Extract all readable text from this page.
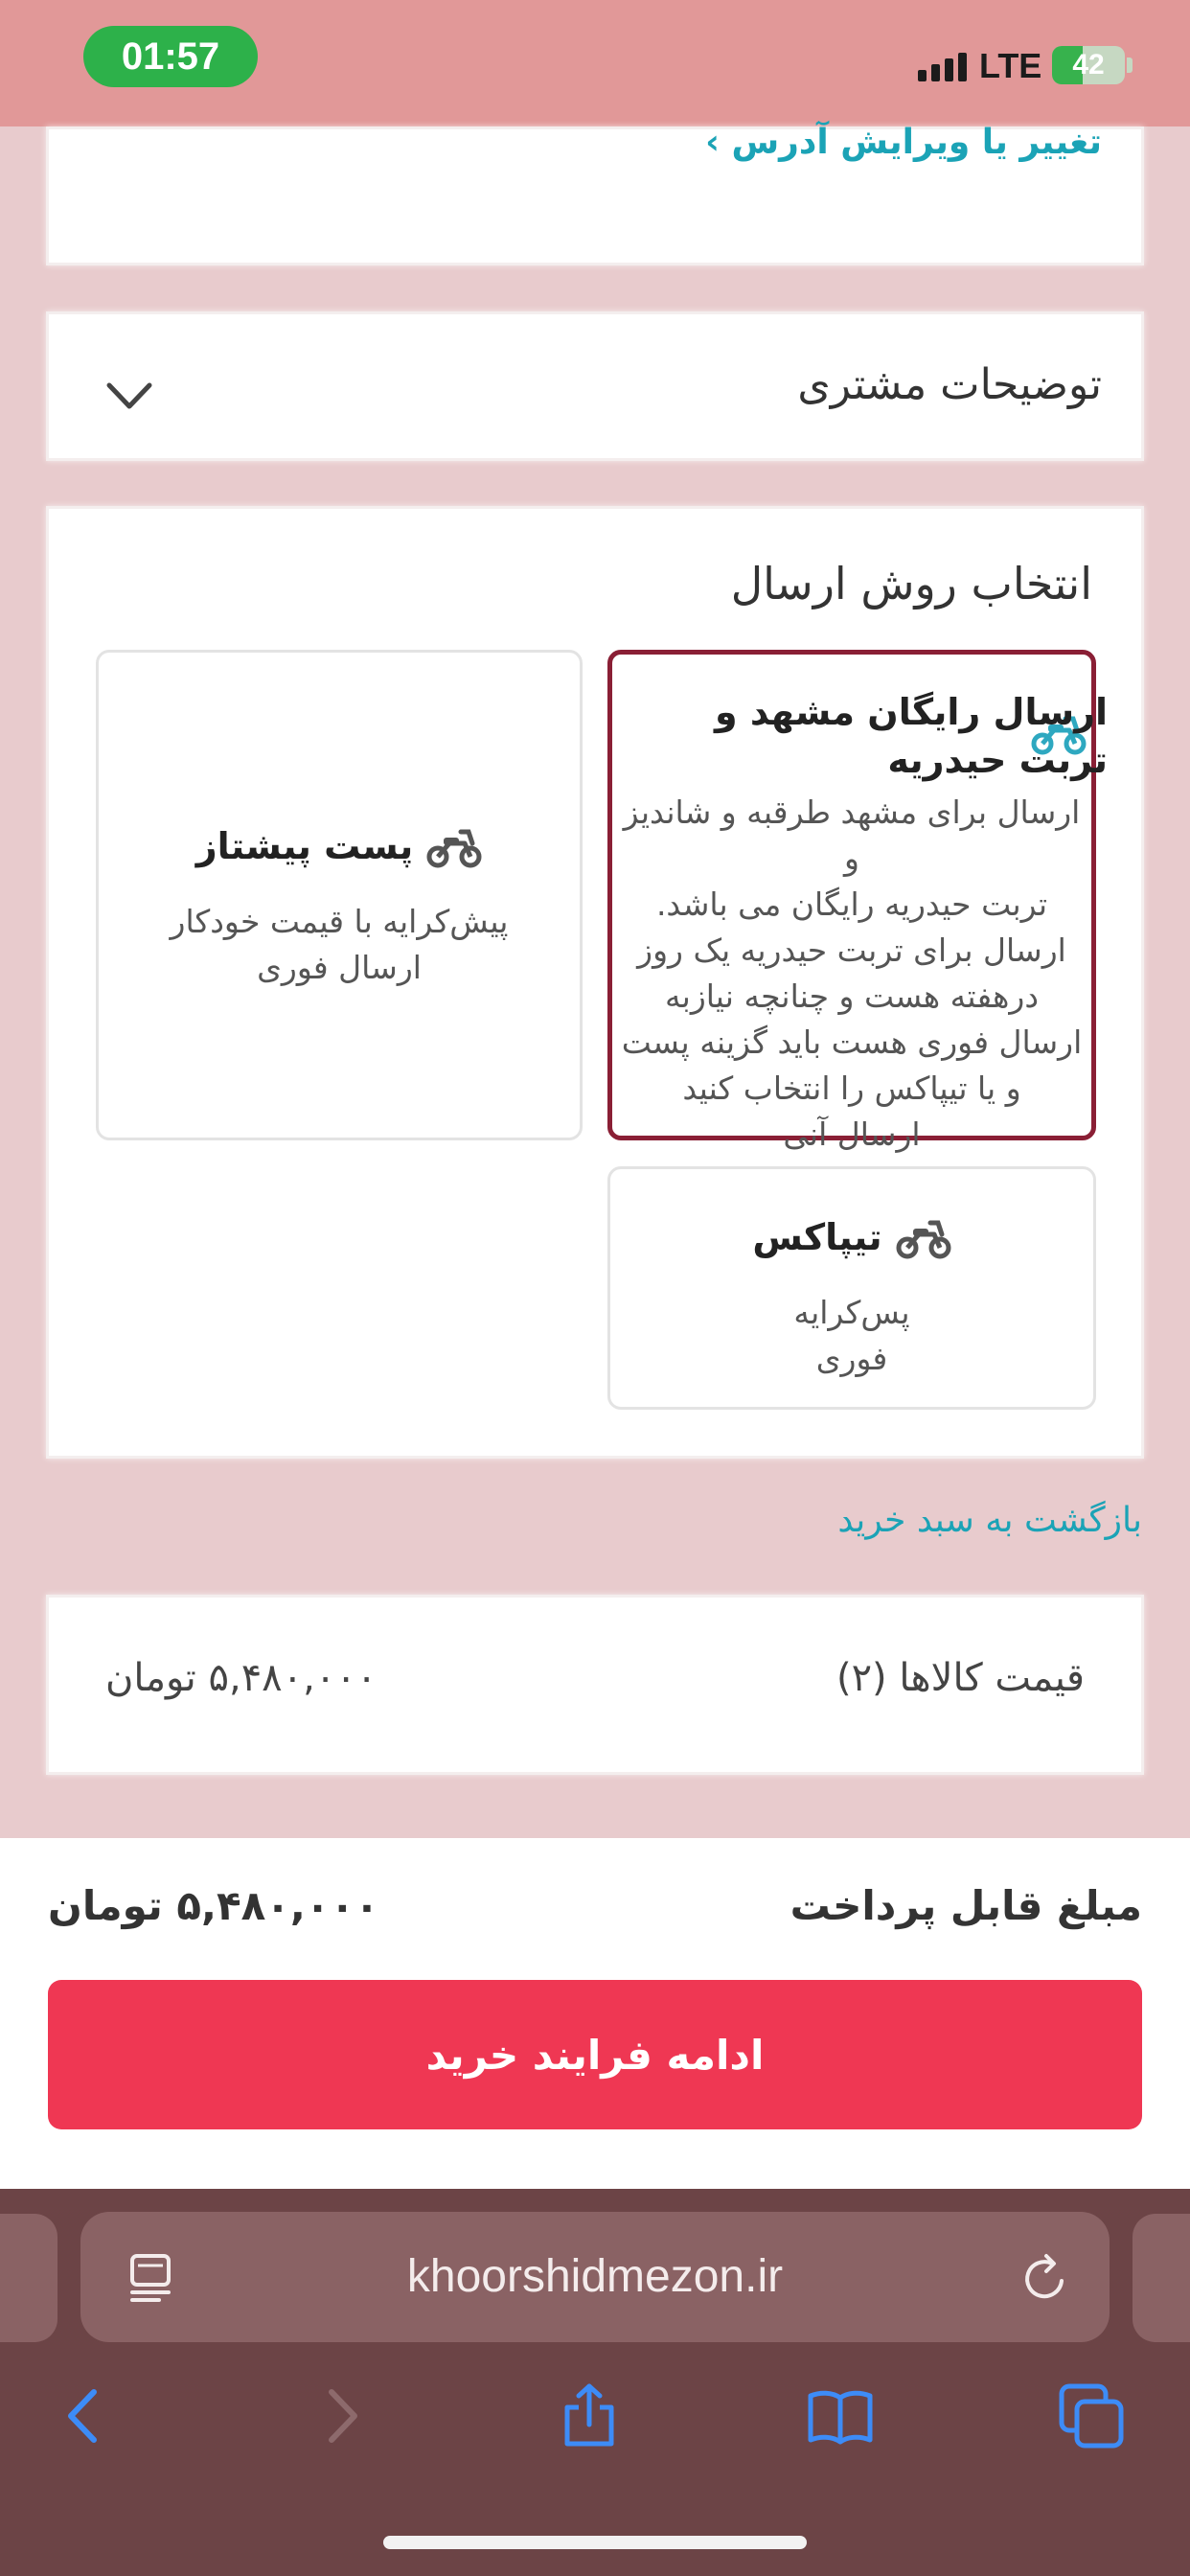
01:57	LTE	42
تغییر یا ویرایش آدرس ›
توضیحات مشتری
انتخاب روش ارسال
ارسال رایگان مشهد و تربت حیدریه
ارسال برای مشهد طرقبه و شاندیز و
تربت حیدریه رایگان می باشد.
ارسال برای تربت حیدریه یک روز
درهفته هست و چنانچه نیازبه
ارسال فوری هست باید گزینه پست
و یا تیپاکس را انتخاب کنید
ارسال آنی
پست پیشتاز
پیش‌کرایه با قیمت خودکار
ارسال فوری
تیپاکس
پس‌کرایه
فوری
بازگشت به سبد خرید
قیمت کالاها (۲)
۵,۴۸۰,۰۰۰ تومان
مبلغ قابل پرداخت
۵,۴۸۰,۰۰۰ تومان
ادامه فرایند خرید
khoorshidmezon.ir
